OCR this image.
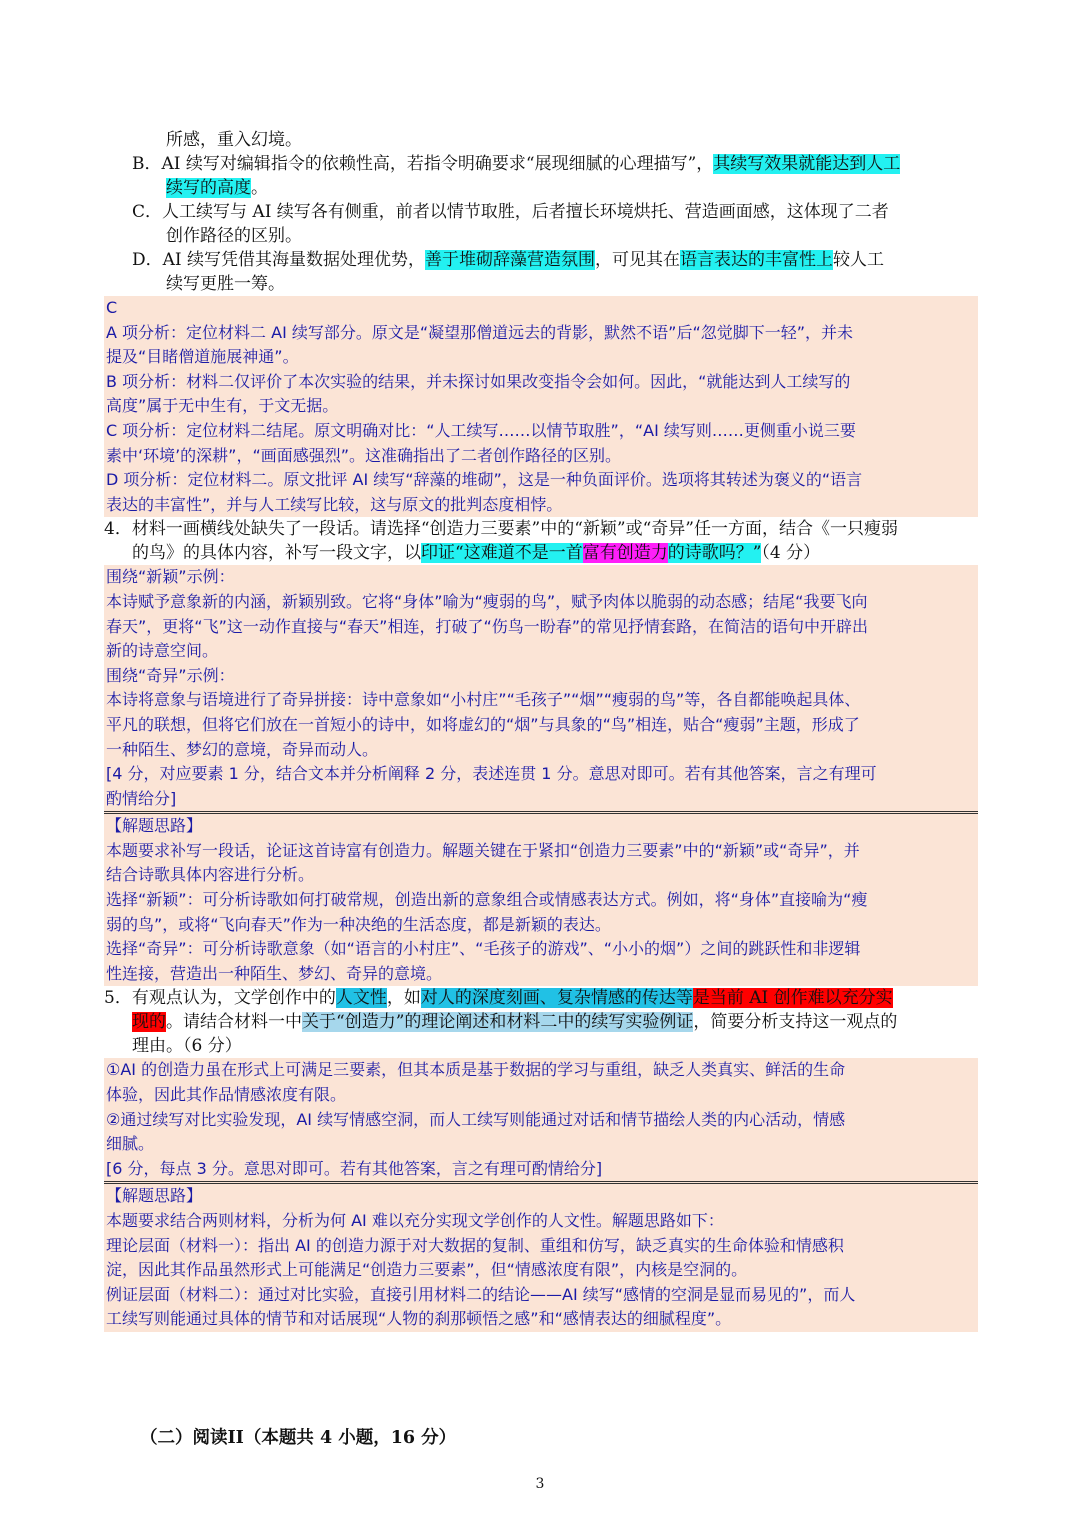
所感，重入幻境。
B．AI 续写对编辑指令的依赖性高，若指令明确要求“展现细腻的心理描写”，其续写效果就能达到人工
续写的高度。
C．人工续写与 AI 续写各有侧重，前者以情节取胜，后者擅长环境烘托、营造画面感，这体现了二者
创作路径的区别。
D．AI 续写凭借其海量数据处理优势，善于堆砌辞藻营造氛围，可见其在语言表达的丰富性上较人工
续写更胜一筹。
C
A 项分析：定位材料二 AI 续写部分。原文是“凝望那僧道远去的背影，默然不语”后“忽觉脚下一轻”，并未
提及“目睹僧道施展神通”。
B 项分析：材料二仅评价了本次实验的结果，并未探讨如果改变指令会如何。因此，“就能达到人工续写的
高度”属于无中生有，于文无据。
C 项分析：定位材料二结尾。原文明确对比：“人工续写……以情节取胜”，“AI 续写则……更侧重小说三要
素中‘环境’的深耕”，“画面感强烈”。这准确指出了二者创作路径的区别。
D 项分析：定位材料二。原文批评 AI 续写“辞藻的堆砌”，这是一种负面评价。选项将其转述为褒义的“语言
表达的丰富性”，并与人工续写比较，这与原文的批判态度相悖。
4．材料一画横线处缺失了一段话。请选择“创造力三要素”中的“新颖”或“奇异”任一方面，结合《一只瘦弱
的鸟》的具体内容，补写一段文字，以印证“这难道不是一首富有创造力的诗歌吗？”（4 分）
围绕“新颖”示例：
本诗赋予意象新的内涵，新颖别致。它将“身体”喻为“瘦弱的鸟”，赋予肉体以脆弱的动态感；结尾“我要飞向
春天”，更将“飞”这一动作直接与“春天”相连，打破了“伤鸟一盼春”的常见抒情套路，在简洁的语句中开辟出
新的诗意空间。
围绕“奇异”示例：
本诗将意象与语境进行了奇异拼接：诗中意象如“小村庄”“毛孩子”“烟”“瘦弱的鸟”等，各自都能唤起具体、
平凡的联想，但将它们放在一首短小的诗中，如将虚幻的“烟”与具象的“鸟”相连，贴合“瘦弱”主题，形成了
一种陌生、梦幻的意境，奇异而动人。
[4 分，对应要素 1 分，结合文本并分析阐释 2 分，表述连贯 1 分。意思对即可。若有其他答案，言之有理可
酌情给分]
【解题思路】
本题要求补写一段话，论证这首诗富有创造力。解题关键在于紧扣“创造力三要素”中的“新颖”或“奇异”，并
结合诗歌具体内容进行分析。
选择“新颖”：可分析诗歌如何打破常规，创造出新的意象组合或情感表达方式。例如，将“身体”直接喻为“瘦
弱的鸟”，或将“飞向春天”作为一种决绝的生活态度，都是新颖的表达。
选择“奇异”：可分析诗歌意象（如“语言的小村庄”、“毛孩子的游戏”、“小小的烟”）之间的跳跃性和非逻辑
性连接，营造出一种陌生、梦幻、奇异的意境。
5．有观点认为，文学创作中的人文性，如对人的深度刻画、复杂情感的传达等是当前 AI 创作难以充分实
现的。请结合材料一中关于“创造力”的理论阐述和材料二中的续写实验例证，简要分析支持这一观点的
理由。（6 分）
①AI 的创造力虽在形式上可满足三要素，但其本质是基于数据的学习与重组，缺乏人类真实、鲜活的生命
体验，因此其作品情感浓度有限。
②通过续写对比实验发现，AI 续写情感空洞，而人工续写则能通过对话和情节描绘人类的内心活动，情感
细腻。
[6 分，每点 3 分。意思对即可。若有其他答案，言之有理可酌情给分]
【解题思路】
本题要求结合两则材料，分析为何 AI 难以充分实现文学创作的人文性。解题思路如下：
理论层面（材料一）：指出 AI 的创造力源于对大数据的复制、重组和仿写，缺乏真实的生命体验和情感积
淀，因此其作品虽然形式上可能满足“创造力三要素”，但“情感浓度有限”，内核是空洞的。
例证层面（材料二）：通过对比实验，直接引用材料二的结论——AI 续写“感情的空洞是显而易见的”，而人
工续写则能通过具体的情节和对话展现“人物的刹那顿悟之感”和“感情表达的细腻程度”。
（二）阅读II（本题共 4 小题，16 分）
3
